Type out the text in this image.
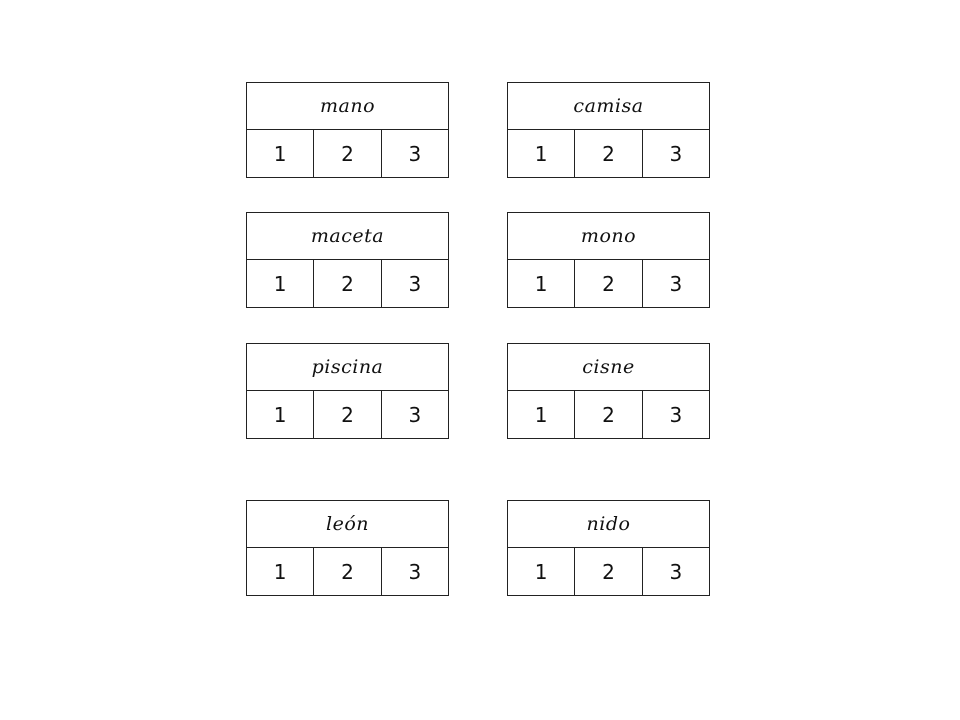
mano
1	2	3
camisa
1	2	3
maceta
1	2	3
mono
1	2	3
piscina
1	2	3
cisne
1	2	3
león
1	2	3
nido
1	2	3
